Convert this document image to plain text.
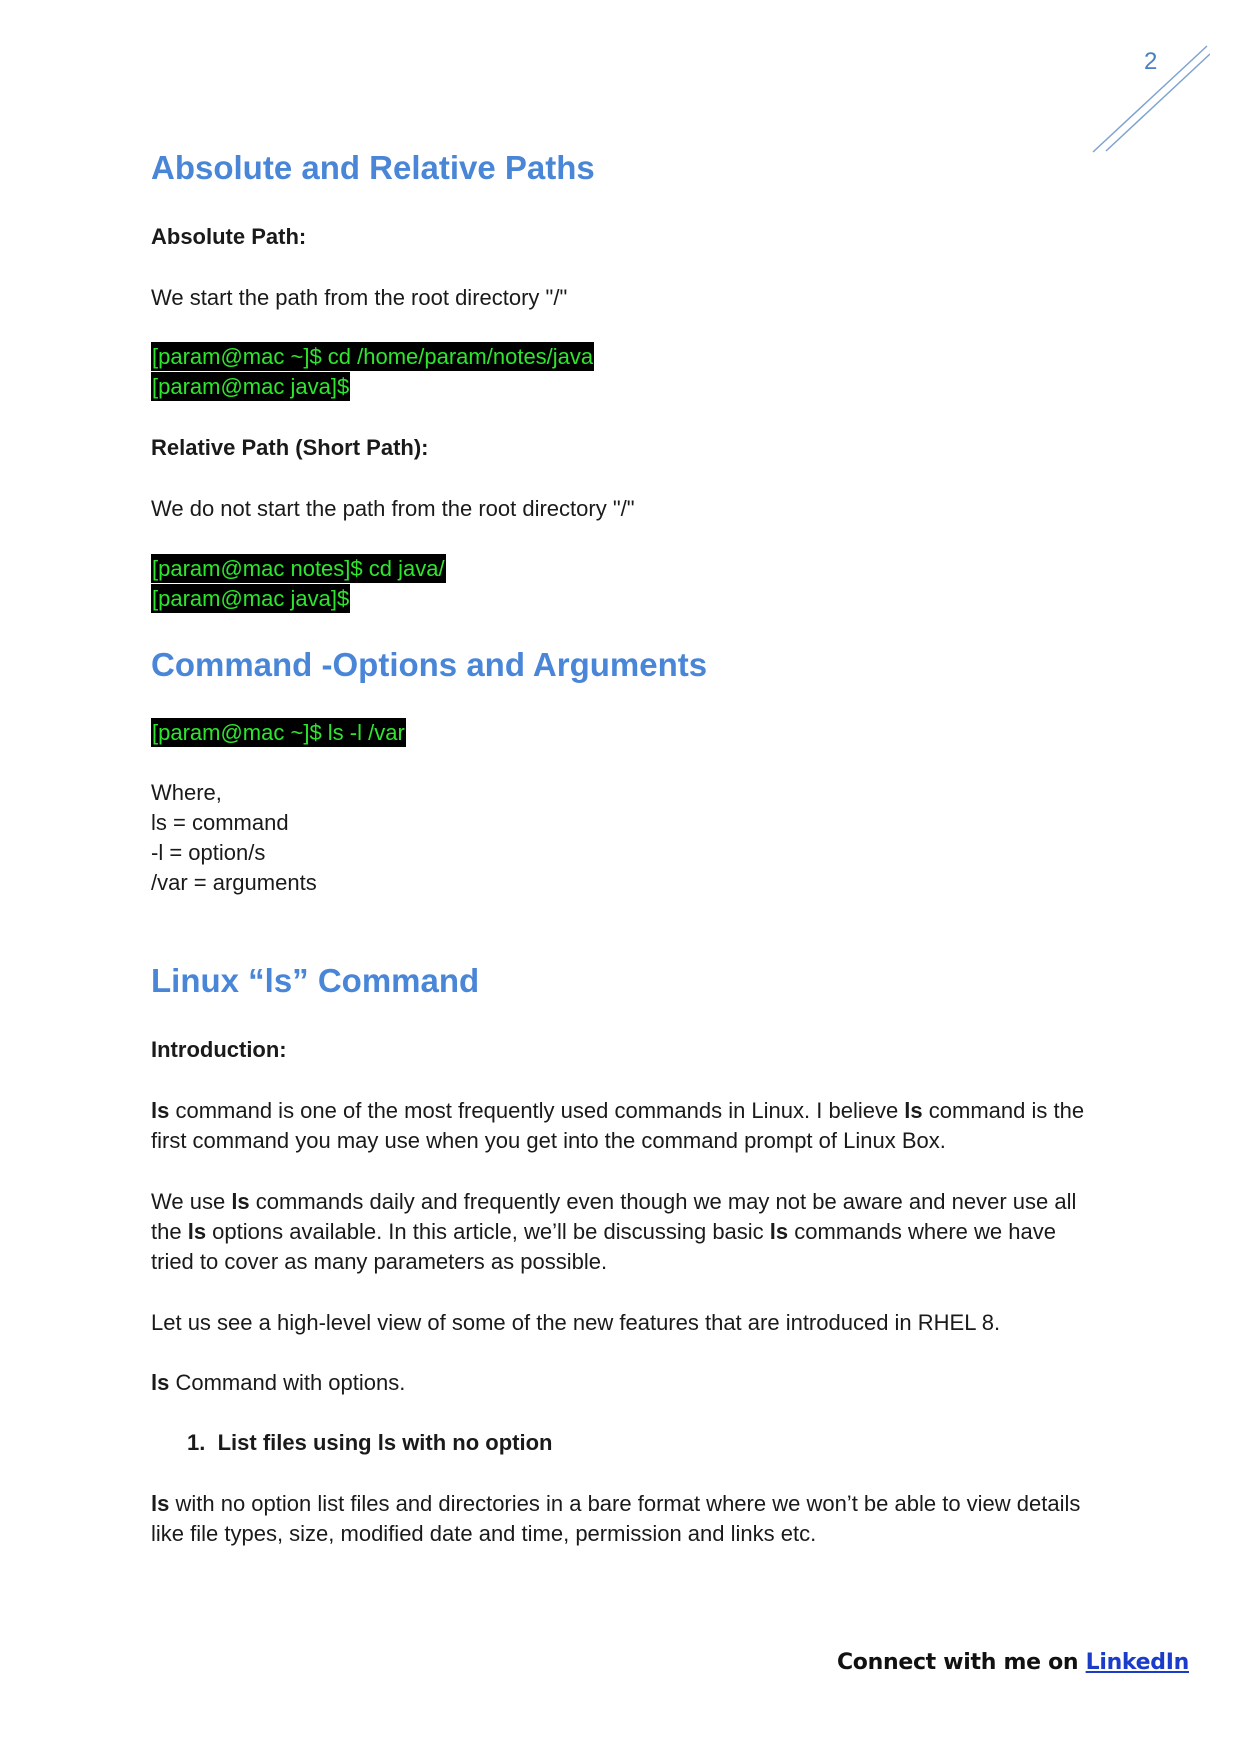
2
Absolute and Relative Paths
Absolute Path:
We start the path from the root directory "/"
[param@mac ~]$ cd /home/param/notes/java
[param@mac java]$
Relative Path (Short Path):
We do not start the path from the root directory "/"
[param@mac notes]$ cd java/
[param@mac java]$
Command -Options and Arguments
[param@mac ~]$ ls -l /var
Where,
ls = command
-l = option/s
/var = arguments
Linux “ls” Command
Introduction:
ls command is one of the most frequently used commands in Linux. I believe ls command is the first command you may use when you get into the command prompt of Linux Box.
We use ls commands daily and frequently even though we may not be aware and never use all the ls options available. In this article, we’ll be discussing basic ls commands where we have tried to cover as many parameters as possible.
Let us see a high-level view of some of the new features that are introduced in RHEL 8.
ls Command with options.
1. List files using ls with no option
ls with no option list files and directories in a bare format where we won’t be able to view details like file types, size, modified date and time, permission and links etc.
Connect with me on LinkedIn
